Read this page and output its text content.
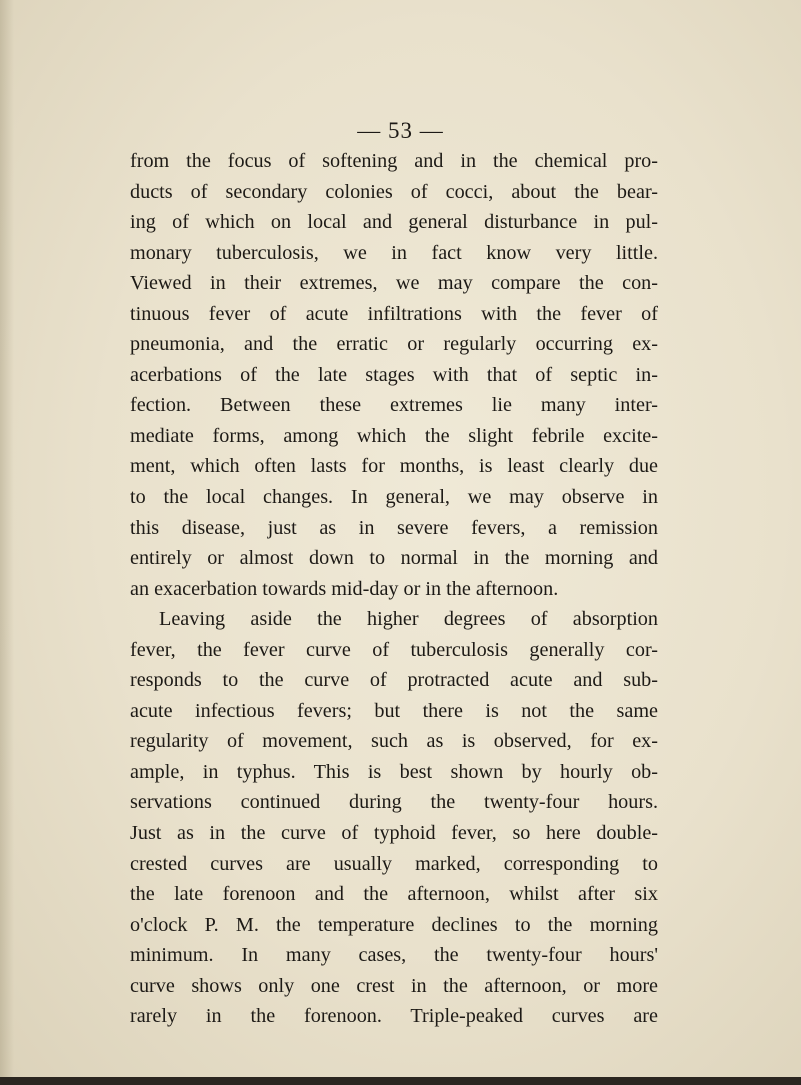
— 53 —
from the focus of softening and in the chemical pro-
ducts of secondary colonies of cocci, about the bear-
ing of which on local and general disturbance in pul-
monary tuberculosis, we in fact know very little.
Viewed in their extremes, we may compare the con-
tinuous fever of acute infiltrations with the fever of
pneumonia, and the erratic or regularly occurring ex-
acerbations of the late stages with that of septic in-
fection. Between these extremes lie many inter-
mediate forms, among which the slight febrile excite-
ment, which often lasts for months, is least clearly due
to the local changes. In general, we may observe in
this disease, just as in severe fevers, a remission
entirely or almost down to normal in the morning and
an exacerbation towards mid-day or in the afternoon.
Leaving aside the higher degrees of absorption
fever, the fever curve of tuberculosis generally cor-
responds to the curve of protracted acute and sub-
acute infectious fevers; but there is not the same
regularity of movement, such as is observed, for ex-
ample, in typhus. This is best shown by hourly ob-
servations continued during the twenty-four hours.
Just as in the curve of typhoid fever, so here double-
crested curves are usually marked, corresponding to
the late forenoon and the afternoon, whilst after six
o'clock P. M. the temperature declines to the morning
minimum. In many cases, the twenty-four hours'
curve shows only one crest in the afternoon, or more
rarely in the forenoon. Triple-peaked curves are
